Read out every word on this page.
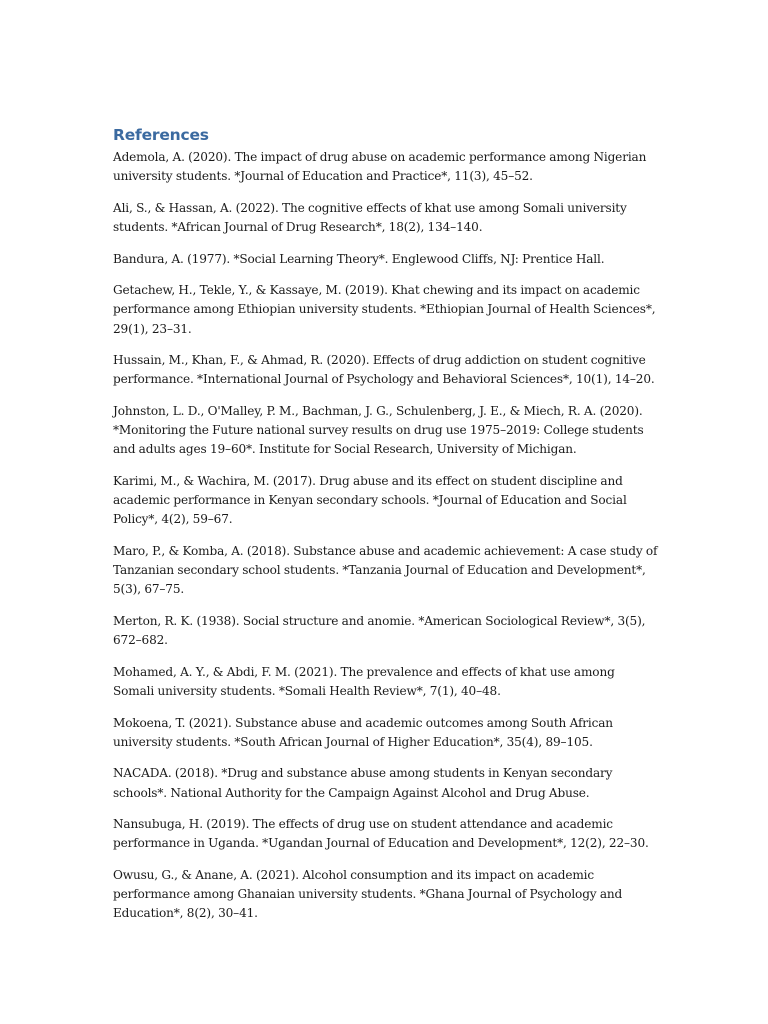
References
Ademola, A. (2020). The impact of drug abuse on academic performance among Nigerian university students. *Journal of Education and Practice*, 11(3), 45–52.
Ali, S., & Hassan, A. (2022). The cognitive effects of khat use among Somali university students. *African Journal of Drug Research*, 18(2), 134–140.
Bandura, A. (1977). *Social Learning Theory*. Englewood Cliffs, NJ: Prentice Hall.
Getachew, H., Tekle, Y., & Kassaye, M. (2019). Khat chewing and its impact on academic performance among Ethiopian university students. *Ethiopian Journal of Health Sciences*, 29(1), 23–31.
Hussain, M., Khan, F., & Ahmad, R. (2020). Effects of drug addiction on student cognitive performance. *International Journal of Psychology and Behavioral Sciences*, 10(1), 14–20.
Johnston, L. D., O'Malley, P. M., Bachman, J. G., Schulenberg, J. E., & Miech, R. A. (2020). *Monitoring the Future national survey results on drug use 1975–2019: College students and adults ages 19–60*. Institute for Social Research, University of Michigan.
Karimi, M., & Wachira, M. (2017). Drug abuse and its effect on student discipline and academic performance in Kenyan secondary schools. *Journal of Education and Social Policy*, 4(2), 59–67.
Maro, P., & Komba, A. (2018). Substance abuse and academic achievement: A case study of Tanzanian secondary school students. *Tanzania Journal of Education and Development*, 5(3), 67–75.
Merton, R. K. (1938). Social structure and anomie. *American Sociological Review*, 3(5), 672–682.
Mohamed, A. Y., & Abdi, F. M. (2021). The prevalence and effects of khat use among Somali university students. *Somali Health Review*, 7(1), 40–48.
Mokoena, T. (2021). Substance abuse and academic outcomes among South African university students. *South African Journal of Higher Education*, 35(4), 89–105.
NACADA. (2018). *Drug and substance abuse among students in Kenyan secondary schools*. National Authority for the Campaign Against Alcohol and Drug Abuse.
Nansubuga, H. (2019). The effects of drug use on student attendance and academic performance in Uganda. *Ugandan Journal of Education and Development*, 12(2), 22–30.
Owusu, G., & Anane, A. (2021). Alcohol consumption and its impact on academic performance among Ghanaian university students. *Ghana Journal of Psychology and Education*, 8(2), 30–41.
